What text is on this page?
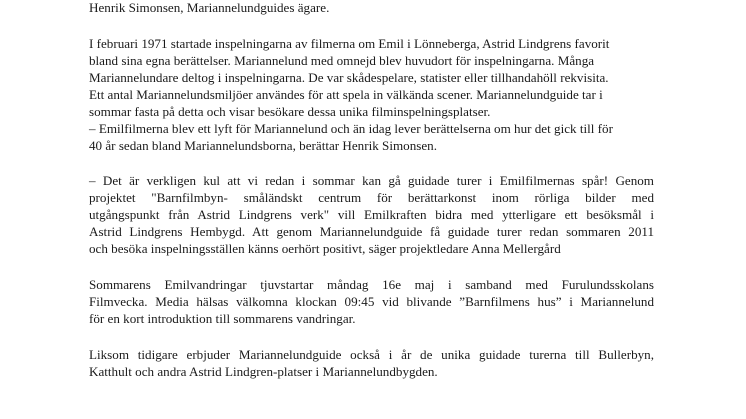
Henrik Simonsen, Mariannelundguides ägare.
I februari 1971 startade inspelningarna av filmerna om Emil i Lönneberga, Astrid Lindgrens favorit
bland sina egna berättelser. Mariannelund med omnejd blev huvudort för inspelningarna. Många
Mariannelundare deltog i inspelningarna. De var skådespelare, statister eller tillhandahöll rekvisita.
Ett antal Mariannelundsmiljöer användes för att spela in välkända scener. Mariannelundguide tar i
sommar fasta på detta och visar besökare dessa unika filminspelningsplatser.
– Emilfilmerna blev ett lyft för Mariannelund och än idag lever berättelserna om hur det gick till för
40 år sedan bland Mariannelundsborna, berättar Henrik Simonsen.
– Det är verkligen kul att vi redan i sommar kan gå guidade turer i Emilfilmernas spår! Genom
projektet "Barnfilmbyn- småländskt centrum för berättarkonst inom rörliga bilder med
utgångspunkt från Astrid Lindgrens verk" vill Emilkraften bidra med ytterligare ett besöksmål i
Astrid Lindgrens Hembygd. Att genom Mariannelundguide få guidade turer redan sommaren 2011
och besöka inspelningsställen känns oerhört positivt, säger projektledare Anna Mellergård
Sommarens Emilvandringar tjuvstartar måndag 16e maj i samband med Furulundsskolans
Filmvecka. Media hälsas välkomna klockan 09:45 vid blivande ”Barnfilmens hus” i Mariannelund
för en kort introduktion till sommarens vandringar.
Liksom tidigare erbjuder Mariannelundguide också i år de unika guidade turerna till Bullerbyn,
Katthult och andra Astrid Lindgren-platser i Mariannelundbygden.
